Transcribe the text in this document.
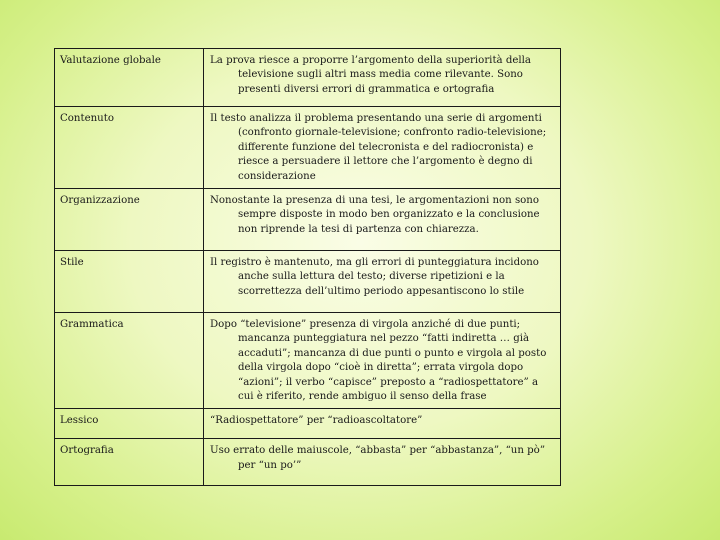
Valutazione globale	La prova riesce a proporre l’argomento della superiorità della televisione sugli altri mass media come rilevante. Sono presenti diversi errori di grammatica e ortografia

Contenuto	Il testo analizza il problema presentando una serie di argomenti (confronto giornale-televisione; confronto radio-televisione; differente funzione del telecronista e del radiocronista) e riesce a persuadere il lettore che l’argomento è degno di considerazione

Organizzazione	Nonostante la presenza di una tesi, le argomentazioni non sono sempre disposte in modo ben organizzato e la conclusione non riprende la tesi di partenza con chiarezza.

Stile	Il registro è mantenuto, ma gli errori di punteggiatura incidono anche sulla lettura del testo; diverse ripetizioni e la scorrettezza dell’ultimo periodo appesantiscono lo stile

Grammatica	Dopo “televisione” presenza di virgola anziché di due punti; mancanza punteggiatura nel pezzo “fatti indiretta … già accaduti”; mancanza di due punti o punto e virgola al posto della virgola dopo “cioè in diretta”; errata virgola dopo “azioni”; il verbo “capisce” preposto a “radiospettatore” a cui è riferito, rende ambiguo il senso della frase

Lessico	“Radiospettatore” per “radioascoltatore”

Ortografia	Uso errato delle maiuscole, “abbasta” per “abbastanza”, “un pò” per “un po’”
